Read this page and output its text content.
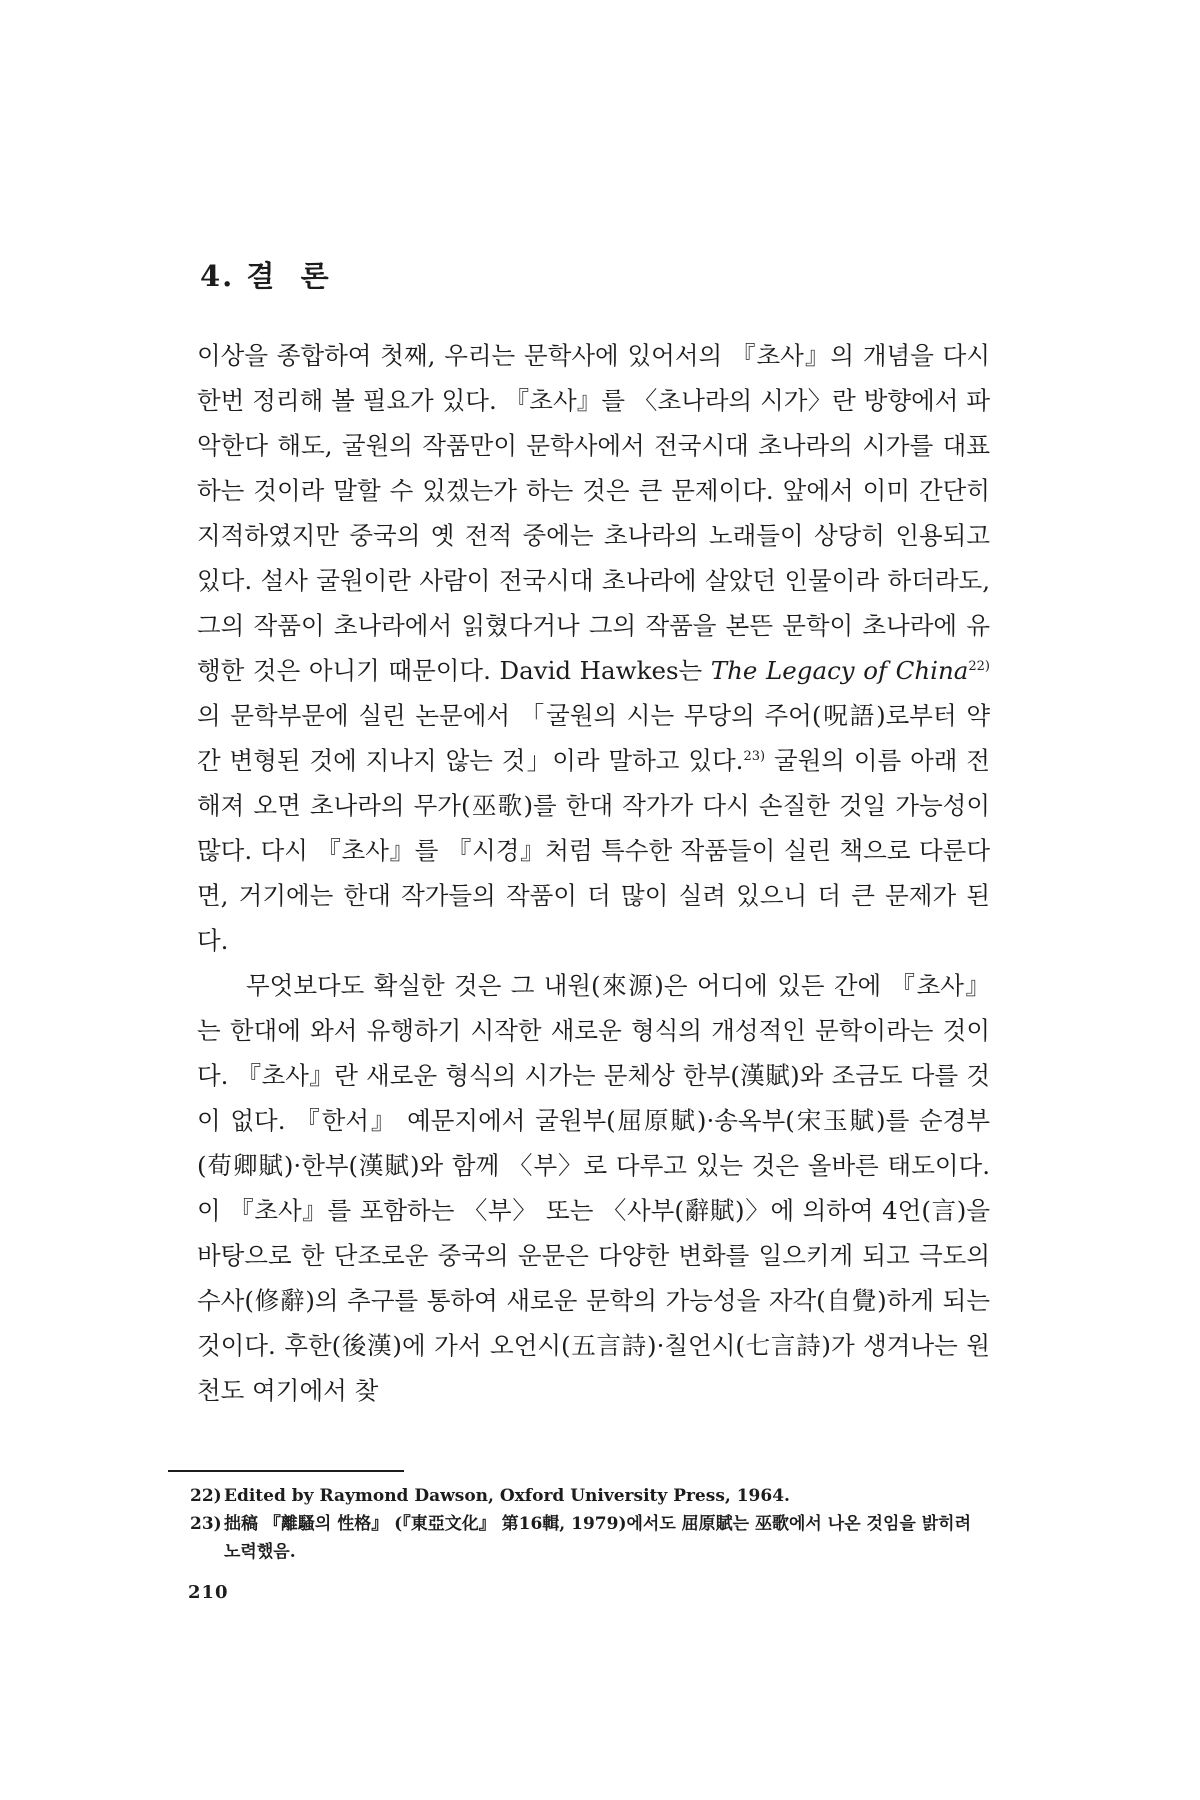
4. 결  론

이상을 종합하여 첫째, 우리는 문학사에 있어서의 『초사』의 개념을 다시 한번 정리해 볼 필요가 있다. 『초사』를 〈초나라의 시가〉란 방향에서 파악한다 해도, 굴원의 작품만이 문학사에서 전국시대 초나라의 시가를 대표하는 것이라 말할 수 있겠는가 하는 것은 큰 문제이다. 앞에서 이미 간단히 지적하였지만 중국의 옛 전적 중에는 초나라의 노래들이 상당히 인용되고 있다. 설사 굴원이란 사람이 전국시대 초나라에 살았던 인물이라 하더라도, 그의 작품이 초나라에서 읽혔다거나 그의 작품을 본뜬 문학이 초나라에 유행한 것은 아니기 때문이다. David Hawkes는 The Legacy of China$^{22)}$의 문학부문에 실린 논문에서 「굴원의 시는 무당의 주어(呪語)로부터 약간 변형된 것에 지나지 않는 것」이라 말하고 있다.$^{23)}$ 굴원의 이름 아래 전해져 오면 초나라의 무가(巫歌)를 한대 작가가 다시 손질한 것일 가능성이 많다. 다시 『초사』를 『시경』처럼 특수한 작품들이 실린 책으로 다룬다면, 거기에는 한대 작가들의 작품이 더 많이 실려 있으니 더 큰 문제가 된다.

무엇보다도 확실한 것은 그 내원(來源)은 어디에 있든 간에 『초사』는 한대에 와서 유행하기 시작한 새로운 형식의 개성적인 문학이라는 것이다. 『초사』란 새로운 형식의 시가는 문체상 한부(漢賦)와 조금도 다를 것이 없다. 『한서』 예문지에서 굴원부(屈原賦)·송옥부(宋玉賦)를 순경부(荀卿賦)·한부(漢賦)와 함께 〈부〉로 다루고 있는 것은 올바른 태도이다. 이 『초사』를 포함하는 〈부〉 또는 〈사부(辭賦)〉에 의하여 4언(言)을 바탕으로 한 단조로운 중국의 운문은 다양한 변화를 일으키게 되고 극도의 수사(修辭)의 추구를 통하여 새로운 문학의 가능성을 자각(自覺)하게 되는 것이다. 후한(後漢)에 가서 오언시(五言詩)·칠언시(七言詩)가 생겨나는 원천도 여기에서 찾

22) Edited by Raymond Dawson, Oxford University Press, 1964.

23) 拙稿 『離騷의 性格』 (『東亞文化』 第16輯, 1979)에서도 屈原賦는 巫歌에서 나온 것임을 밝히려 노력했음.

210
